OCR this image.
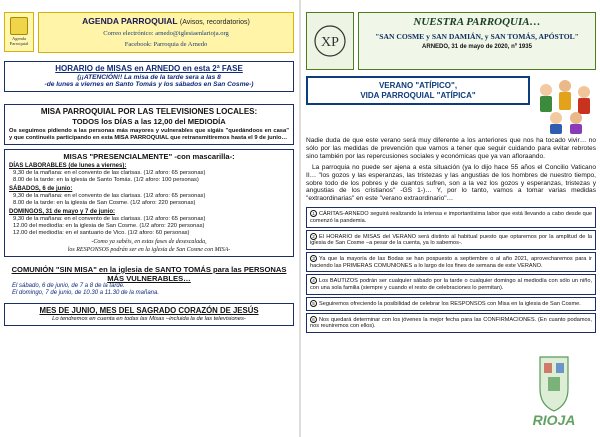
Agenda
Parroquial
AGENDA PARROQUIAL (Avisos, recordatorios)
Correo electrónico: arnedo@iglesiaenlarioja.org
Facebook: Parroquia de Arnedo
HORARIO de MISAS en ARNEDO en esta 2ª FASE
(¡¡ATENCIÓN!! La misa de la tarde sera a las 8
-de lunes a viernes en Santo Tomás y los sábados en San Cosme-)
MISA PARROQUIAL POR LAS TELEVISIONES LOCALES:
TODOS los DÍAS a las 12,00 del MEDIODÍA

Os seguimos pidiendo a las personas más mayores y vulnerables que sigáis "quedándoos en casa" y que continuéis participando en esta MISA PARROQUIAL que retransmitiremos hasta el 9 de junio…

MISAS "PRESENCIALMENTE" -con mascarilla-:
DÍAS LABORABLES (de lunes a viernes):
9,30 de la mañana: en el convento de las clarisas. (1/2 aforo: 65 personas)
8.00 de la tarde: en la iglesia de Santo Tomás. (1/2 aforo: 100 personas)
SÁBADOS, 6 de junio:
9,30 de la mañana: en el convento de las clarisas. (1/2 aforo: 65 personas)
8.00 de la tarde: en la iglesia de San Cosme. (1/2 aforo: 220 personas)
DOMINGOS, 31 de mayo y 7 de junio:
9,30 de la mañana: en el convento de las clarisas. (1/2 aforo: 65 personas)
12.00 del mediodía: en la iglesia de San Cosme. (1/2 aforo: 220 personas)
12.00 del mediodía: en el santuario de Vico. (1/2 aforo: 60 personas)
-Como ya sabéis, en estas fases de desescalada,
los RESPONSOS podrán ser en la iglesia de San Cosme con MISA-
COMUNIÓN "SIN MISA" en la iglesia de SANTO TOMÁS para las PERSONAS MÁS VULNERABLES…
El sábado, 6 de junio, de 7 a 8 de la tarde.
El domingo, 7 de junio, de 10.30 a 11.30 de la mañana.
MES DE JUNIO, MES DEL SAGRADO CORAZÓN DE JESÚS
Lo tendremos en cuenta en todas las Misas –incluida la de las televisiones-
XP
NUESTRA PARROQUIA…
"SAN COSME y SAN DAMIÁN, y SAN TOMÁS, APÓSTOL"
ARNEDO, 31 de mayo de 2020, nº 1935
VERANO "ATÍPICO",
VIDA PARROQUIAL "ATÍPICA"
Nadie duda de que este verano será muy diferente a los anteriores que nos ha tocado vivir… no sólo por las medidas de prevención que vamos a tener que seguir cuidando para evitar rebrotes sino también por las repercusiones sociales y económicas que ya van afloraando.
La parroquia no puede ser ajena a esta situación (ya lo dijo hace 55 años el Concilio Vaticano II… "los gozos y las esperanzas, las tristezas y las angustias de los hombres de nuestro tiempo, sobre todo de los pobres y de cuantos sufren, son a la vez los gozos y esperanzas, tristezas y angustias de los cristianos" -GS 1-)… Y, por lo tanto, vamos a tomar varias medidas "extraordinarias" en este "verano extraordinario"…
1 CÁRITAS-ARNEDO seguirá realizando la intensa e importantísima labor que está llevando a cabo desde que comenzó la pandemia.
2 El HORARIO de MISAS del VERANO será distinto al habitual puesto que optaremos por la amplitud de la iglesia de San Cosme –a pesar de la cuenta, ya lo sabemos-.
3 Ya que la mayoría de las Bodas se han pospuesto a septiembre o al año 2021, aprovecharemos para ir haciendo las PRIMERAS COMUNIONES a lo largo de los fines de semana de este VERANO.
4 Los BAUTIZOS podrán ser cualquier sábado por la tarde o cualquier domingo al mediodía con sólo un niño, con una sola familia (siempre y cuando el resto de celebraciones lo permitan).
5 Seguiremos ofreciendo la posibilidad de celebrar los RESPONSOS con Misa en la iglesia de San Cosme.
6 Nos quedará determinar con los jóvenes la mejor fecha para las CONFIRMACIONES. (En cuanto podamos, nos reuniremos con ellos).
RIOJA
